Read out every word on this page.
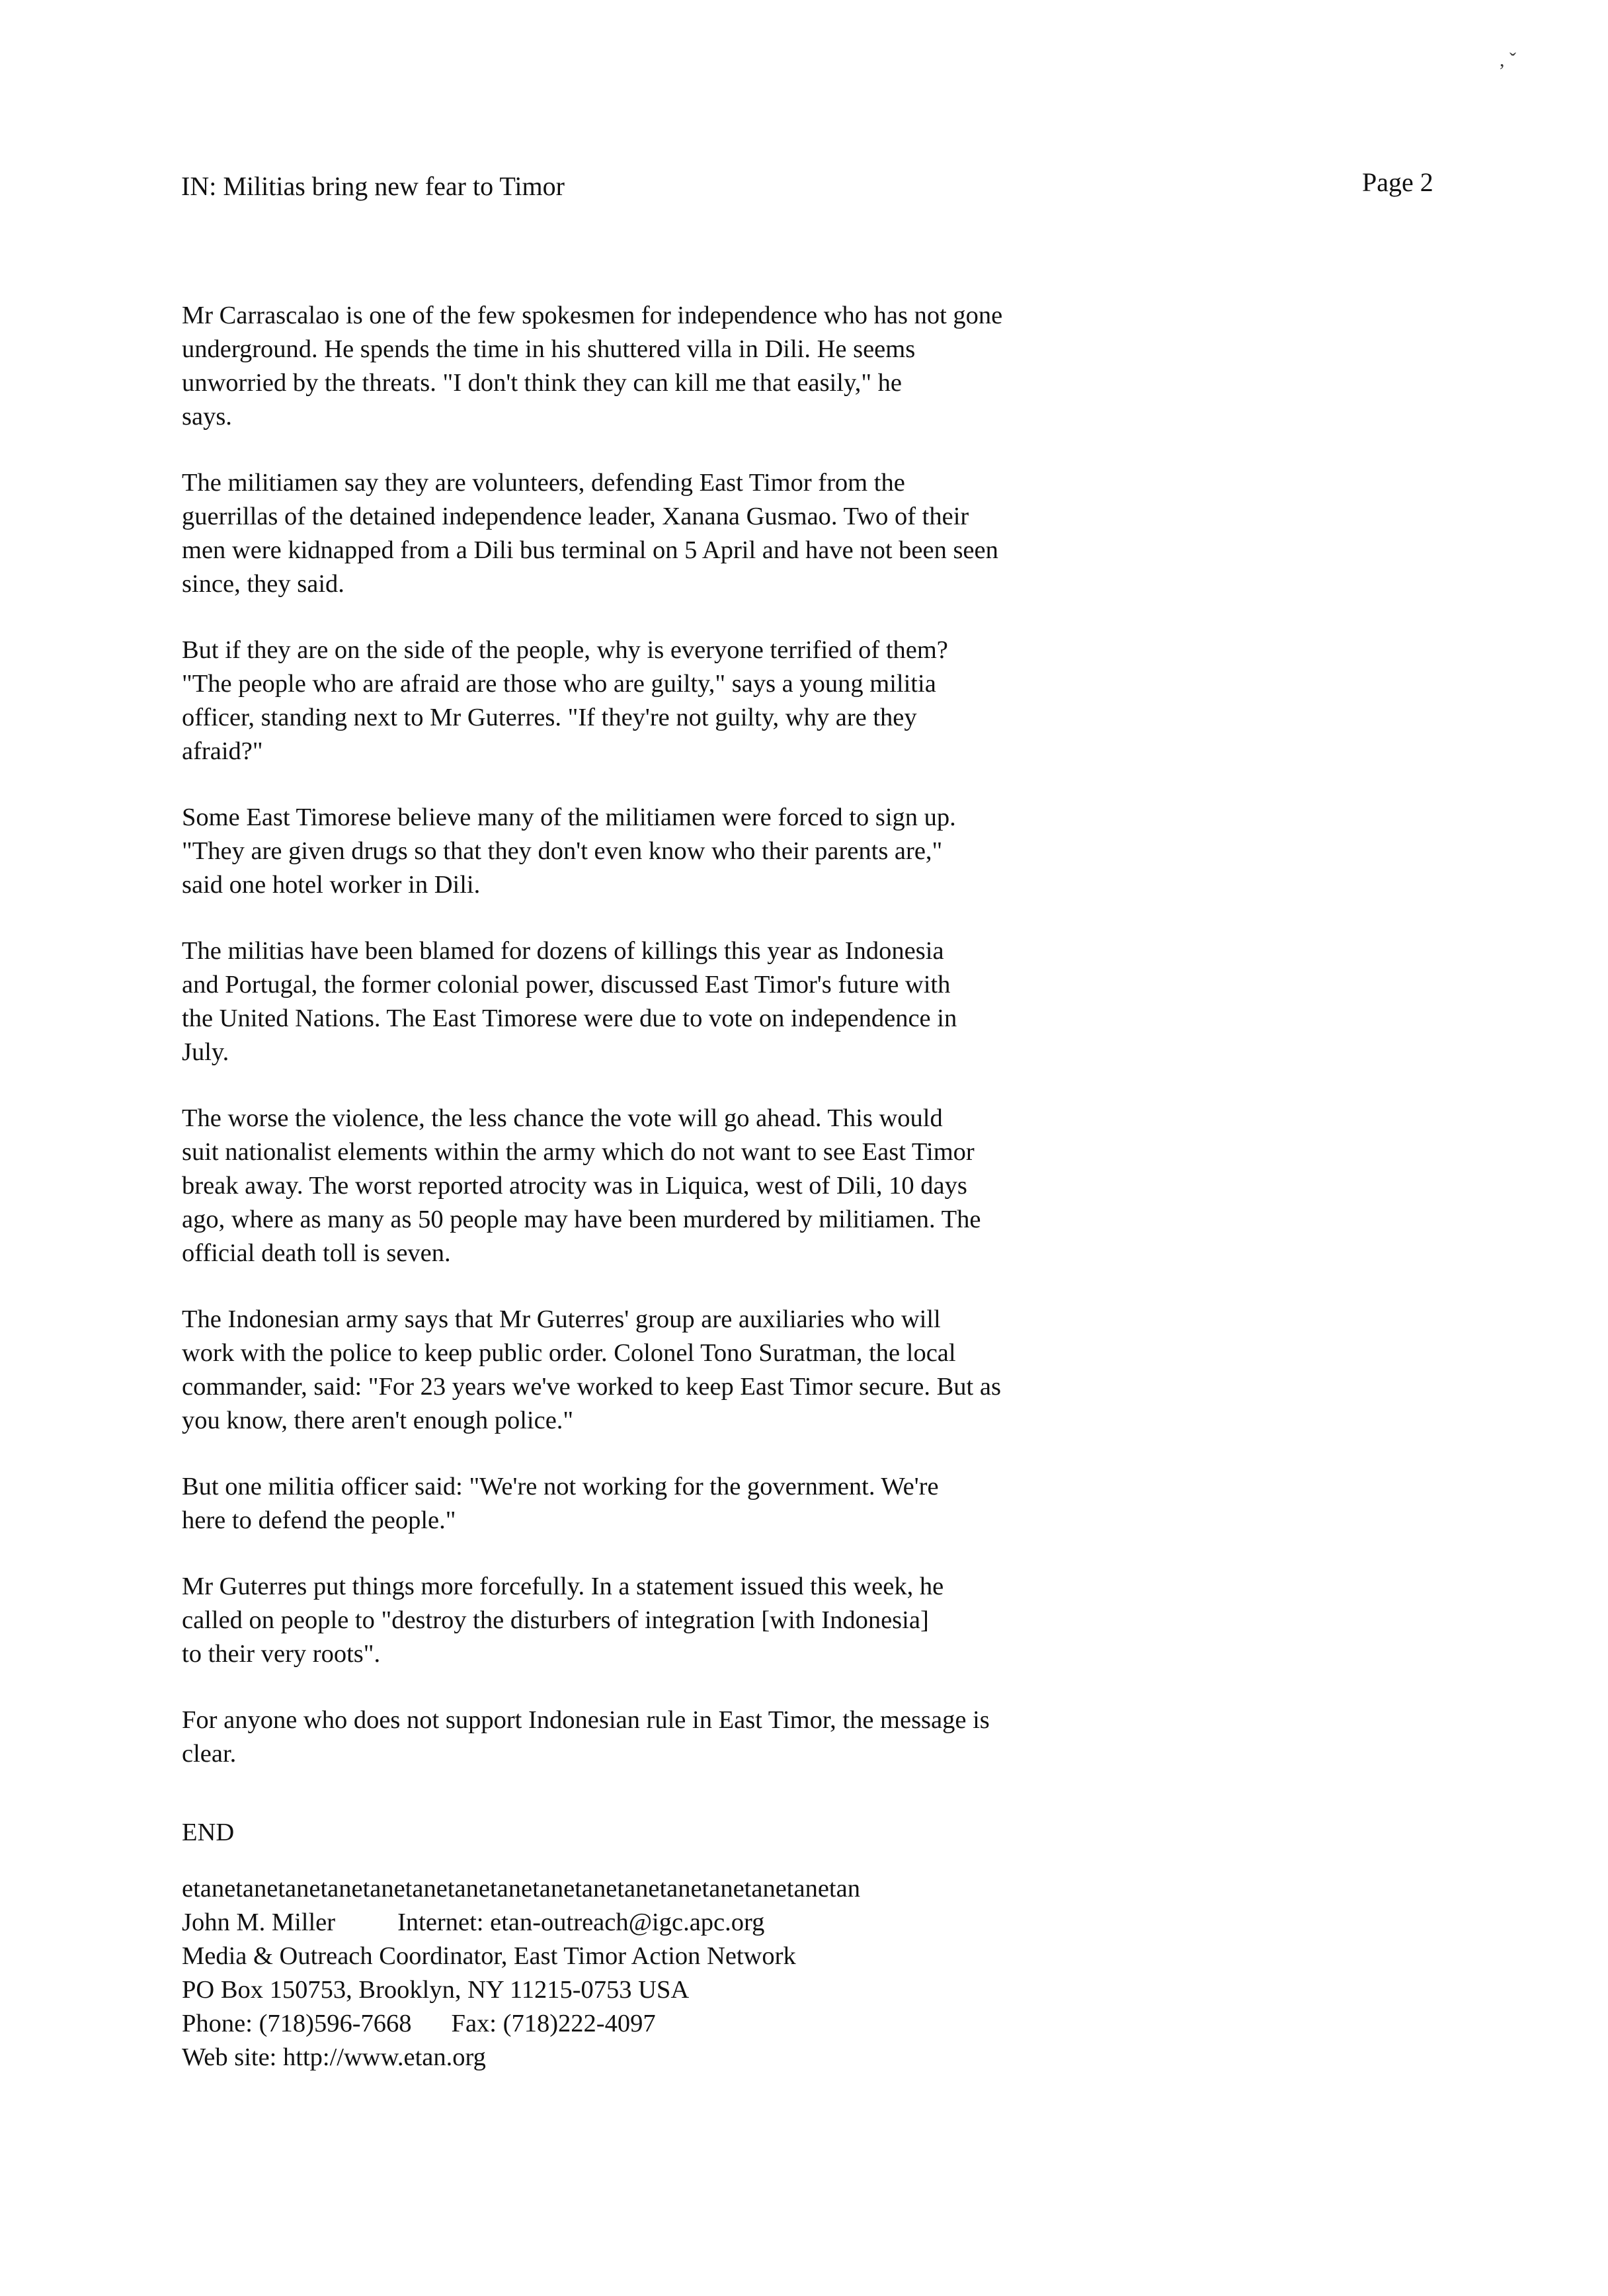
, ˇ
IN: Militias bring new fear to Timor	Page 2
Mr Carrascalao is one of the few spokesmen for independence who has not gone
underground. He spends the time in his shuttered villa in Dili. He seems
unworried by the threats. "I don't think they can kill me that easily," he
says.
The militiamen say they are volunteers, defending East Timor from the
guerrillas of the detained independence leader, Xanana Gusmao. Two of their
men were kidnapped from a Dili bus terminal on 5 April and have not been seen
since, they said.
But if they are on the side of the people, why is everyone terrified of them?
"The people who are afraid are those who are guilty," says a young militia
officer, standing next to Mr Guterres. "If they're not guilty, why are they
afraid?"
Some East Timorese believe many of the militiamen were forced to sign up.
"They are given drugs so that they don't even know who their parents are,"
said one hotel worker in Dili.
The militias have been blamed for dozens of killings this year as Indonesia
and Portugal, the former colonial power, discussed East Timor's future with
the United Nations. The East Timorese were due to vote on independence in
July.
The worse the violence, the less chance the vote will go ahead. This would
suit nationalist elements within the army which do not want to see East Timor
break away. The worst reported atrocity was in Liquica, west of Dili, 10 days
ago, where as many as 50 people may have been murdered by militiamen. The
official death toll is seven.
The Indonesian army says that Mr Guterres' group are auxiliaries who will
work with the police to keep public order. Colonel Tono Suratman, the local
commander, said: "For 23 years we've worked to keep East Timor secure. But as
you know, there aren't enough police."
But one militia officer said: "We're not working for the government. We're
here to defend the people."
Mr Guterres put things more forcefully. In a statement issued this week, he
called on people to "destroy the disturbers of integration [with Indonesia]
to their very roots".
For anyone who does not support Indonesian rule in East Timor, the message is
clear.
END
etanetanetanetanetanetanetanetanetanetanetanetanetanetanetanetan
John M. Miller Internet: etan-outreach@igc.apc.org
Media & Outreach Coordinator, East Timor Action Network
PO Box 150753, Brooklyn, NY 11215-0753 USA
Phone: (718)596-7668 Fax: (718)222-4097
Web site: http://www.etan.org
